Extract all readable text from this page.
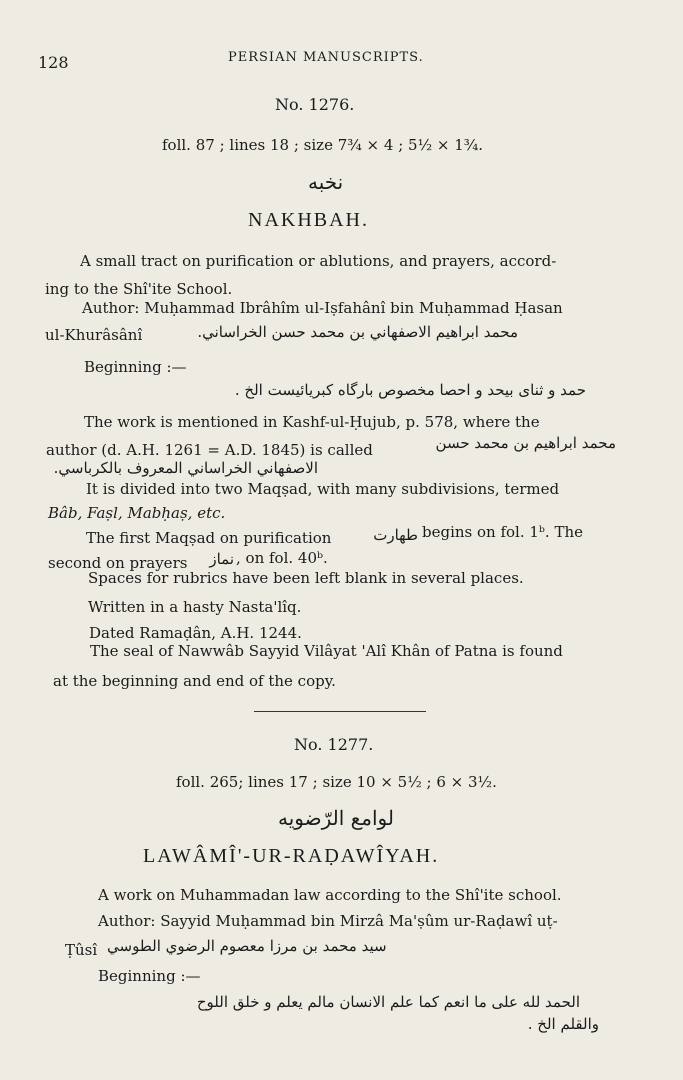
128	PERSIAN MANUSCRIPTS.
No. 1276.
foll. 87 ; lines 18 ; size 7¾ × 4 ; 5½ × 1¾.
نخبه
NAKHBAH.
A small tract on purification or ablutions, and prayers, accord-
ing to the Shî'ite School.
Author: Muḥammad Ibrâhîm ul-Iṣfahânî bin Muḥammad Ḥasan
ul-Khurâsânî	محمد ابراهيم الاصفهاني بن محمد حسن الخراساني.
Beginning :—
حمد و ثنای بیحد و احصا مخصوص بارگاه کبریائیست الخ .
The work is mentioned in Kashf-ul-Ḥujub, p. 578, where the
author (d. A.H. 1261 = A.D. 1845) is called	محمد ابراهيم بن محمد حسن
الاصفهاني الخراساني المعروف بالكرباسي.
It is divided into two Maqṣad, with many subdivisions, termed
Bâb, Faṣl, Mabḥaṣ, etc.
The first Maqṣad on purification	طهارت begins on fol. 1ᵇ. The
second on prayers	نماز , on fol. 40ᵇ.
Spaces for rubrics have been left blank in several places.
Written in a hasty Nasta'lîq.
Dated Ramaḍân, A.H. 1244.
The seal of Nawwâb Sayyid Vilâyat 'Alî Khân of Patna is found
at the beginning and end of the copy.
No. 1277.
foll. 265; lines 17 ; size 10 × 5½ ; 6 × 3½.
لوامع الرّضويه
LAWÂMÎ'-UR-RAḌAWÎYAH.
A work on Muhammadan law according to the Shî'ite school.
Author: Sayyid Muḥammad bin Mirzâ Ma'ṣûm ur-Raḍawî uṭ-
Ṭûsî سيد محمد بن مرزا معصوم الرضوي الطوسي
Beginning :—
الحمد لله على ما انعم كما علم الانسان مالم يعلم و خلق اللوح
والقلم الخ .
